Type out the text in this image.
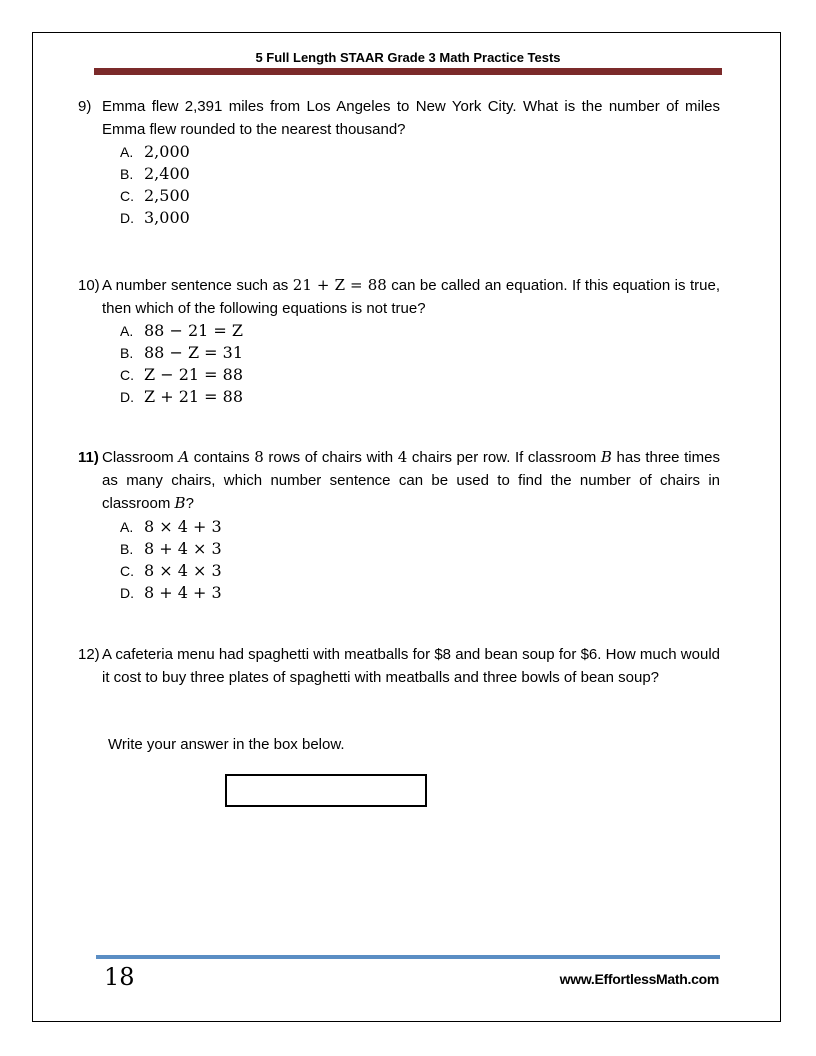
5 Full Length STAAR Grade 3 Math Practice Tests
9) Emma flew 2,391 miles from Los Angeles to New York City. What is the number of miles Emma flew rounded to the nearest thousand?
A. 2,000
B. 2,400
C. 2,500
D. 3,000
10) A number sentence such as 21 + Z = 88 can be called an equation. If this equation is true, then which of the following equations is not true?
A. 88 − 21 = Z
B. 88 − Z = 31
C. Z − 21 = 88
D. Z + 21 = 88
11) Classroom A contains 8 rows of chairs with 4 chairs per row. If classroom B has three times as many chairs, which number sentence can be used to find the number of chairs in classroom B?
A. 8 × 4 + 3
B. 8 + 4 × 3
C. 8 × 4 × 3
D. 8 + 4 + 3
12) A cafeteria menu had spaghetti with meatballs for $8 and bean soup for $6. How much would it cost to buy three plates of spaghetti with meatballs and three bowls of bean soup?
Write your answer in the box below.
18	www.EffortlessMath.com
